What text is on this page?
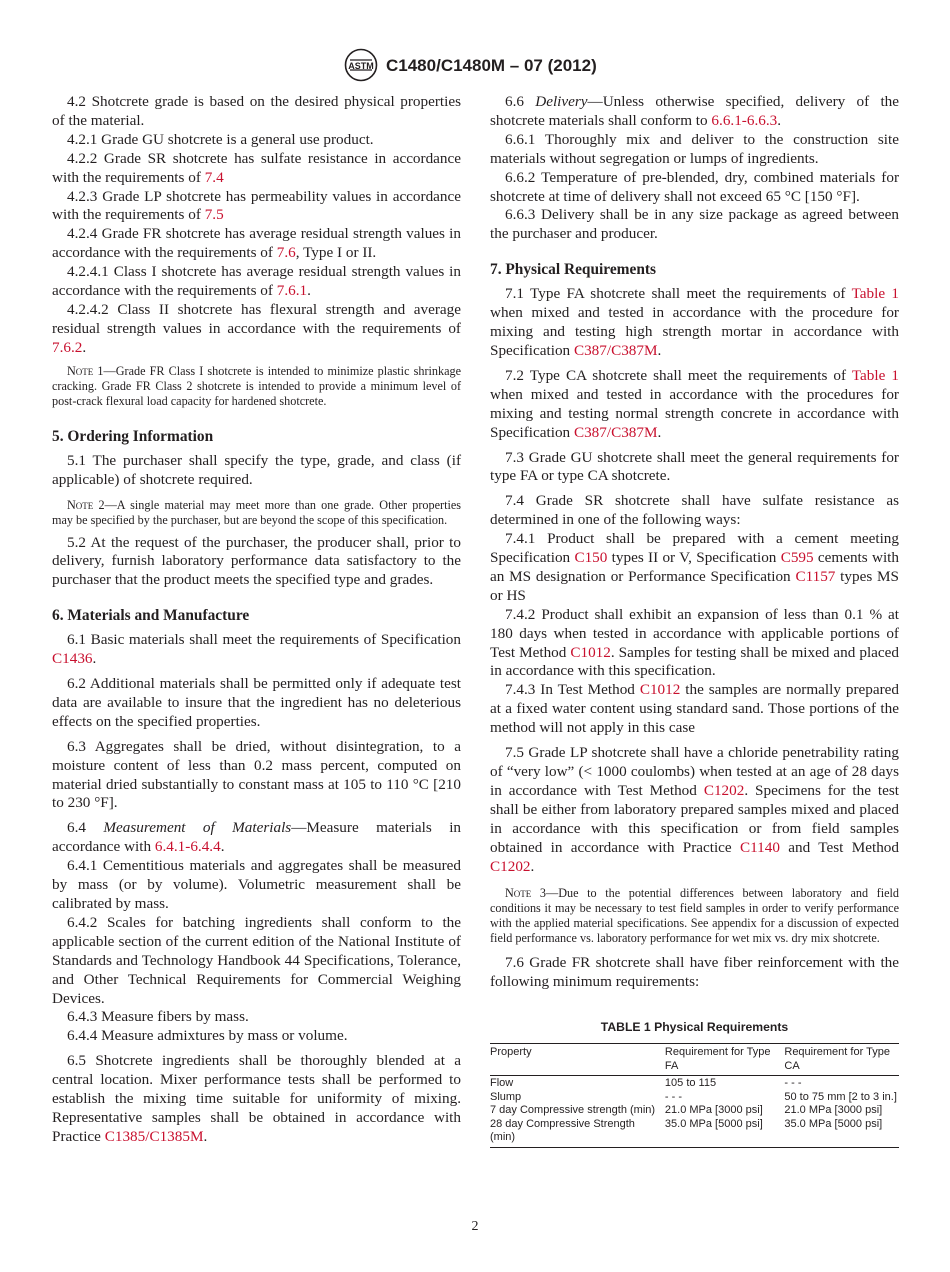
ASTM C1480/C1480M – 07 (2012)

4.2 Shotcrete grade is based on the desired physical properties of the material.

4.2.1 Grade GU shotcrete is a general use product.

4.2.2 Grade SR shotcrete has sulfate resistance in accordance with the requirements of 7.4

4.2.3 Grade LP shotcrete has permeability values in accordance with the requirements of 7.5

4.2.4 Grade FR shotcrete has average residual strength values in accordance with the requirements of 7.6, Type I or II.

4.2.4.1 Class I shotcrete has average residual strength values in accordance with the requirements of 7.6.1.

4.2.4.2 Class II shotcrete has flexural strength and average residual strength values in accordance with the requirements of 7.6.2.

Note 1—Grade FR Class I shotcrete is intended to minimize plastic shrinkage cracking. Grade FR Class 2 shotcrete is intended to provide a minimum level of post-crack flexural load capacity for hardened shotcrete.
5. Ordering Information

5.1 The purchaser shall specify the type, grade, and class (if applicable) of shotcrete required.

Note 2—A single material may meet more than one grade. Other properties may be specified by the purchaser, but are beyond the scope of this specification.

5.2 At the request of the purchaser, the producer shall, prior to delivery, furnish laboratory performance data satisfactory to the purchaser that the product meets the specified type and grades.

6. Materials and Manufacture

6.1 Basic materials shall meet the requirements of Specification C1436.

6.2 Additional materials shall be permitted only if adequate test data are available to insure that the ingredient has no deleterious effects on the specified properties.

6.3 Aggregates shall be dried, without disintegration, to a moisture content of less than 0.2 mass percent, computed on material dried substantially to constant mass at 105 to 110 °C [210 to 230 °F].

6.4 Measurement of Materials—Measure materials in accordance with 6.4.1-6.4.4.

6.4.1 Cementitious materials and aggregates shall be measured by mass (or by volume). Volumetric measurement shall be calibrated by mass.

6.4.2 Scales for batching ingredients shall conform to the applicable section of the current edition of the National Institute of Standards and Technology Handbook 44 Specifications, Tolerance, and Other Technical Requirements for Commercial Weighing Devices.

6.4.3 Measure fibers by mass.

6.4.4 Measure admixtures by mass or volume.

6.5 Shotcrete ingredients shall be thoroughly blended at a central location. Mixer performance tests shall be performed to establish the mixing time suitable for uniformity of mixing. Representative samples shall be obtained in accordance with Practice C1385/C1385M.

6.6 Delivery—Unless otherwise specified, delivery of the shotcrete materials shall conform to 6.6.1-6.6.3.

6.6.1 Thoroughly mix and deliver to the construction site materials without segregation or lumps of ingredients.

6.6.2 Temperature of pre-blended, dry, combined materials for shotcrete at time of delivery shall not exceed 65 °C [150 °F].

6.6.3 Delivery shall be in any size package as agreed between the purchaser and producer.

7. Physical Requirements

7.1 Type FA shotcrete shall meet the requirements of Table 1 when mixed and tested in accordance with the procedure for mixing and testing high strength mortar in accordance with Specification C387/C387M.

7.2 Type CA shotcrete shall meet the requirements of Table 1 when mixed and tested in accordance with the procedures for mixing and testing normal strength concrete in accordance with Specification C387/C387M.

7.3 Grade GU shotcrete shall meet the general requirements for type FA or type CA shotcrete.

7.4 Grade SR shotcrete shall have sulfate resistance as determined in one of the following ways:

7.4.1 Product shall be prepared with a cement meeting Specification C150 types II or V, Specification C595 cements with an MS designation or Performance Specification C1157 types MS or HS

7.4.2 Product shall exhibit an expansion of less than 0.1 % at 180 days when tested in accordance with applicable portions of Test Method C1012. Samples for testing shall be mixed and placed in accordance with this specification.

7.4.3 In Test Method C1012 the samples are normally prepared at a fixed water content using standard sand. Those portions of the method will not apply in this case

7.5 Grade LP shotcrete shall have a chloride penetrability rating of “very low” (< 1000 coulombs) when tested at an age of 28 days in accordance with Test Method C1202. Specimens for the test shall be either from laboratory prepared samples mixed and placed in accordance with this specification or from field samples obtained in accordance with Practice C1140 and Test Method C1202.

Note 3—Due to the potential differences between laboratory and field conditions it may be necessary to test field samples in order to verify performance with the applied material specifications. See appendix for a discussion of expected field performance vs. laboratory performance for wet mix vs. dry mix shotcrete.

7.6 Grade FR shotcrete shall have fiber reinforcement with the following minimum requirements:

TABLE 1 Physical Requirements
Property	Requirement for Type FA	Requirement for Type CA
Flow	105 to 115	- - -
Slump	- - -	50 to 75 mm [2 to 3 in.]
7 day Compressive strength (min)	21.0 MPa [3000 psi]	21.0 MPa [3000 psi]
28 day Compressive Strength (min)	35.0 MPa [5000 psi]	35.0 MPa [5000 psi]
2
